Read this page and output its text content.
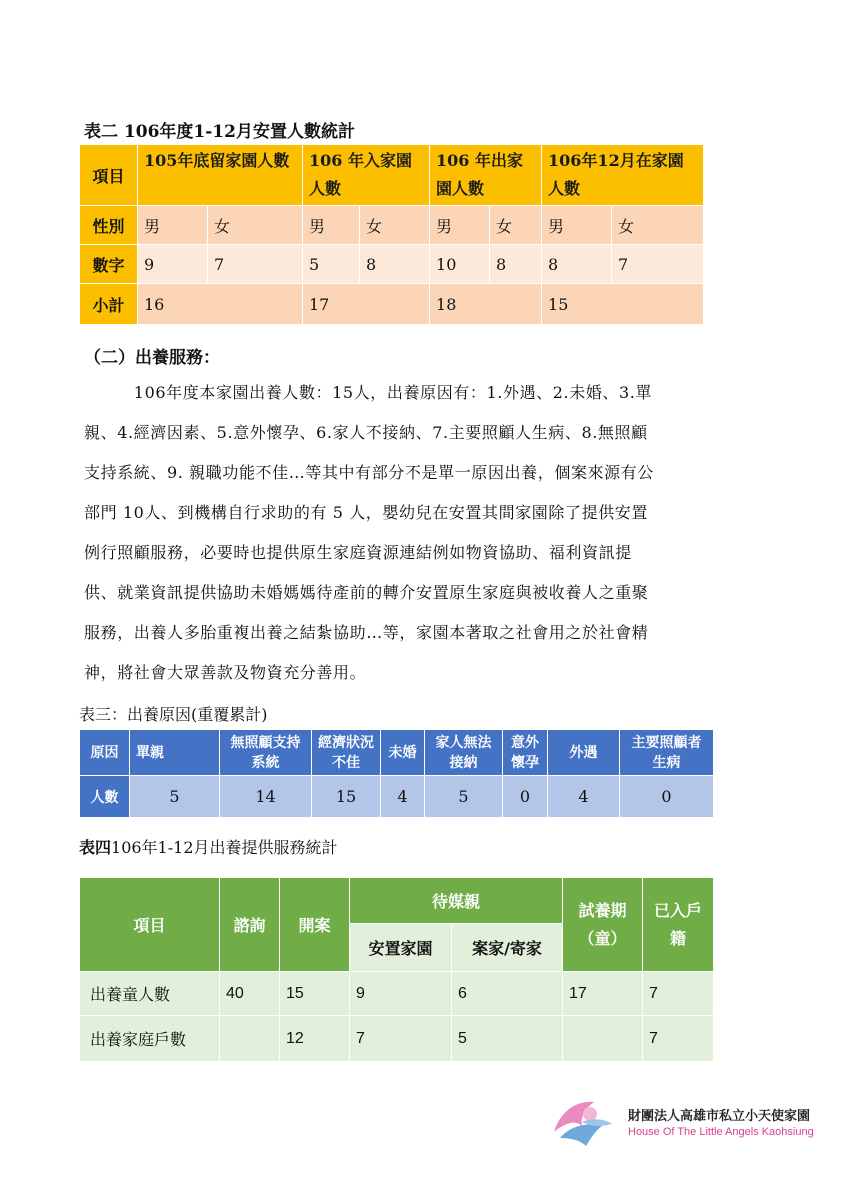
表二 106年度1-12月安置人數統計
項目	105年底留家園人數		106 年入家園人數		106 年出家園人數		106年12月在家園人數	
性別	男	女	男	女	男	女	男	女
數字	9	7	5	8	10	8	8	7
小計	16		17		18		15	
（二）出養服務：
　　　106年度本家園出養人數：15人，出養原因有：1.外遇、2.未婚、3.單
親、4.經濟因素、5.意外懷孕、6.家人不接納、7.主要照顧人生病、8.無照顧
支持系統、9. 親職功能不佳…等其中有部分不是單一原因出養，個案來源有公
部門 10人、到機構自行求助的有 5 人，嬰幼兒在安置其間家園除了提供安置
例行照顧服務，必要時也提供原生家庭資源連結例如物資協助、福利資訊提
供、就業資訊提供協助未婚媽媽待產前的轉介安置原生家庭與被收養人之重聚
服務，出養人多胎重複出養之結紮協助…等，家園本著取之社會用之於社會精
神，將社會大眾善款及物資充分善用。
表三：出養原因(重覆累計)
原因	單親	無照顧支持系統	經濟狀況不佳	未婚	家人無法接納	意外懷孕	外遇	主要照顧者生病
人數	5	14	15	4	5	0	4	0
表四106年1-12月出養提供服務統計
項目	諮詢	開案	待媒親		試養期（童）	已入戶籍
			安置家園	案家/寄家		
出養童人數	40	15	9	6	17	7
出養家庭戶數		12	7	5		7
財團法人高雄市私立小天使家園
House Of The Little Angels Kaohsiung
